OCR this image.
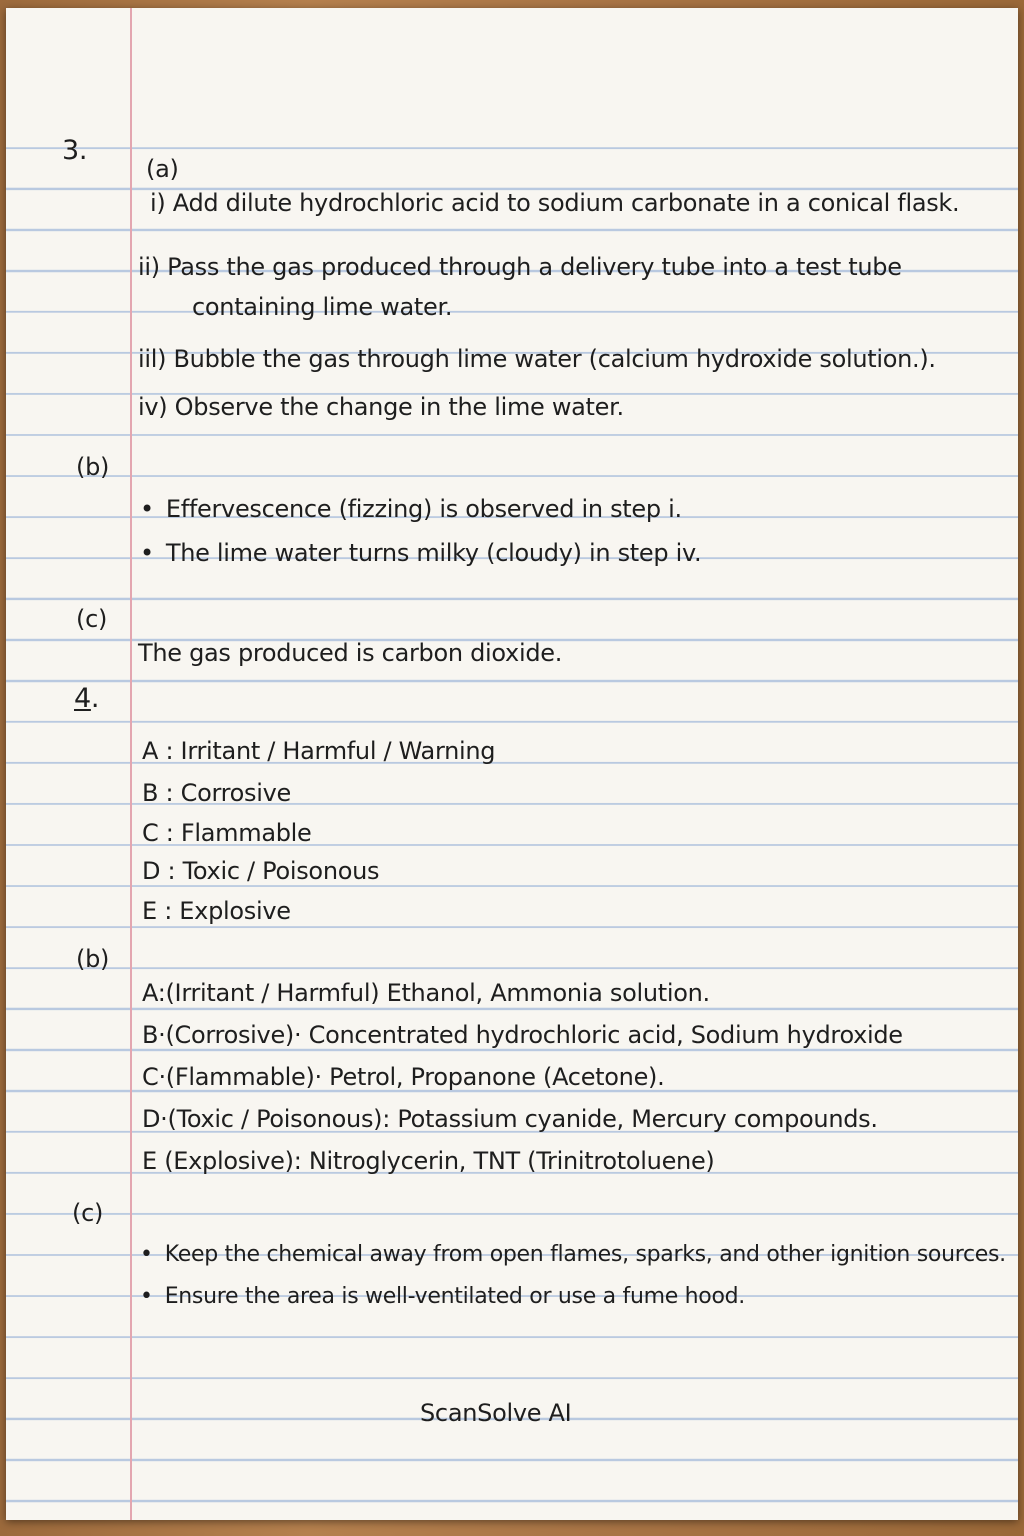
3.
(a)
i) Add dilute hydrochloric acid to sodium carbonate in a conical flask.
ii) Pass the gas produced through a delivery tube into a test tube
containing lime water.
iil) Bubble the gas through lime water (calcium hydroxide solution.).
iv) Observe the change in the lime water.
(b)
• Effervescence (fizzing) is observed in step i.
• The lime water turns milky (cloudy) in step iv.
(c)
The gas produced is carbon dioxide.
4.
A : Irritant / Harmful / Warning
B : Corrosive
C : Flammable
D : Toxic / Poisonous
E : Explosive
(b)
A:(Irritant / Harmful) Ethanol, Ammonia solution.
B·(Corrosive)· Concentrated hydrochloric acid, Sodium hydroxide
C·(Flammable)· Petrol, Propanone (Acetone).
D·(Toxic / Poisonous): Potassium cyanide, Mercury compounds.
E (Explosive): Nitroglycerin, TNT (Trinitrotoluene)
(c)
• Keep the chemical away from open flames, sparks, and other ignition sources.
• Ensure the area is well-ventilated or use a fume hood.
ScanSolve AI
